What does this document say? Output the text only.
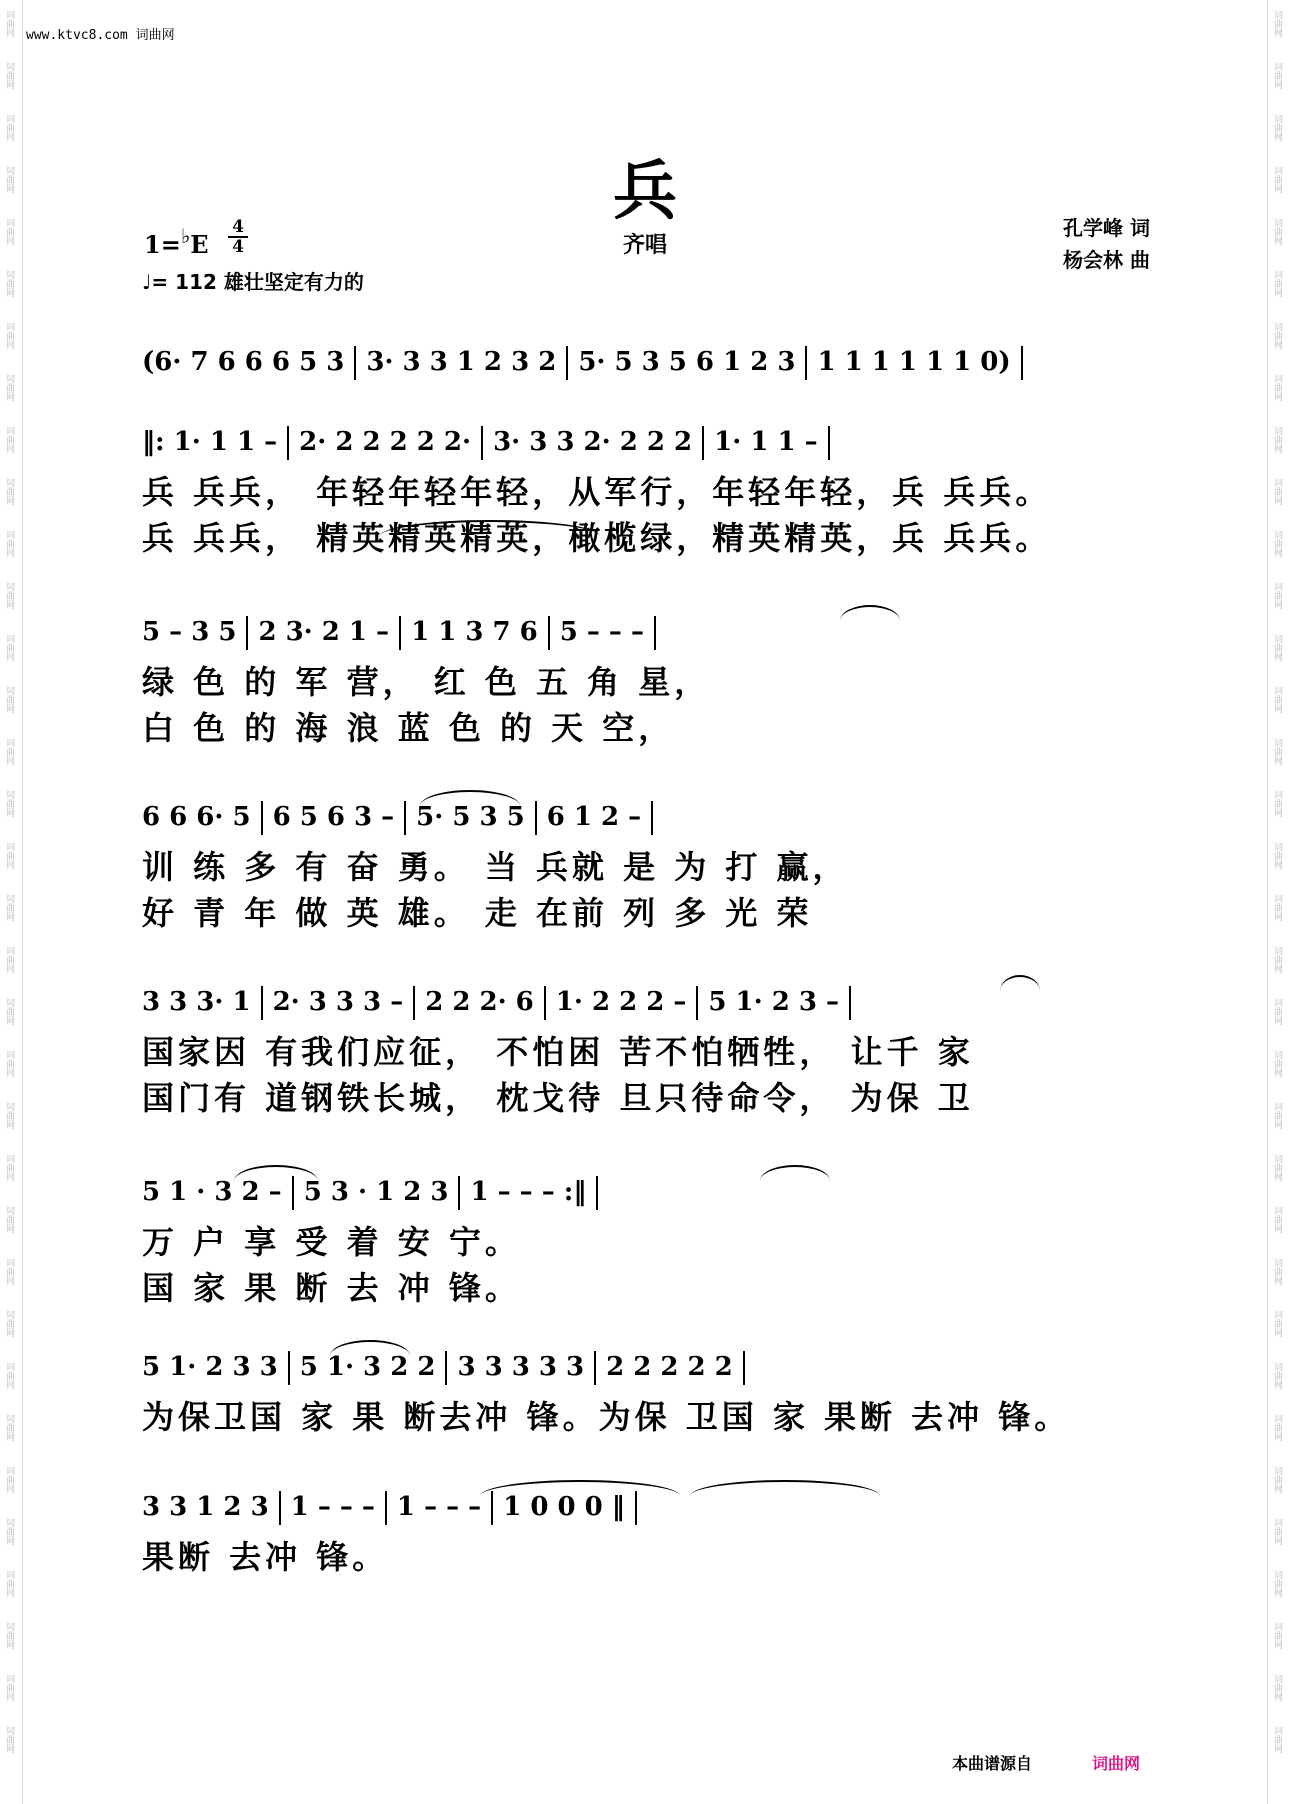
词曲网
词曲网
词曲网
词曲网
词曲网
词曲网
词曲网
词曲网
词曲网
词曲网
词曲网
词曲网
词曲网
词曲网
词曲网
词曲网
词曲网
词曲网
词曲网
词曲网
词曲网
词曲网
词曲网
词曲网
词曲网
词曲网
词曲网
词曲网
词曲网
词曲网
词曲网
词曲网
词曲网
词曲网
词曲网
词曲网
词曲网
词曲网
词曲网
词曲网
词曲网
词曲网
词曲网
词曲网
词曲网
词曲网
词曲网
词曲网
词曲网
词曲网
词曲网
词曲网
词曲网
词曲网
词曲网
词曲网
词曲网
词曲网
词曲网
词曲网
词曲网
词曲网
词曲网
词曲网
词曲网
词曲网
词曲网
词曲网
www.ktvc8.com 词曲网
兵
齐唱
1=♭E
4
4
♩= 112 雄壮坚定有力的
孔学峰 词
杨会林 曲
(6· 7 6 6 6 5 3 3· 3 3 1 2 3 2 5· 5 3 5 6 1 2 3 1 1 1 1 1 1 0)
‖: 1· 1 1 – 2· 2 2 2 2 2· 3· 3 3 2· 2 2 2 1· 1 1 –
兵 兵兵， 年轻年轻年轻，从军行，年轻年轻，兵 兵兵。
兵 兵兵， 精英精英精英，橄榄绿，精英精英，兵 兵兵。
5 – 3 5 2 3· 2 1 – 1 1 3 7 6 5 – – –
绿 色 的 军 营， 红 色 五 角 星，
白 色 的 海 浪 蓝 色 的 天 空，
6 6 6· 5 6 5 6 3 – 5· 5 3 5 6 1 2 –
训 练 多 有 奋 勇。 当 兵就 是 为 打 赢，
好 青 年 做 英 雄。 走 在前 列 多 光 荣
3 3 3· 1 2· 3 3 3 – 2 2 2· 6 1· 2 2 2 – 5 1· 2 3 –
国家因 有我们应征， 不怕困 苦不怕牺牲， 让千 家
国门有 道钢铁长城， 枕戈待 旦只待命令， 为保 卫
5 1 · 3 2 – 5 3 · 1 2 3 1 – – – :‖
万 户 享 受 着 安 宁。
国 家 果 断 去 冲 锋。
5 1· 2 3 3 5 1· 3 2 2 3 3 3 3 3 2 2 2 2 2
为保卫国 家 果 断去冲 锋。为保 卫国 家 果断 去冲 锋。
3 3 1 2 3 1 – – – 1 – – – 1 0 0 0 ‖
果断 去冲 锋。
本曲谱源自	词曲网
